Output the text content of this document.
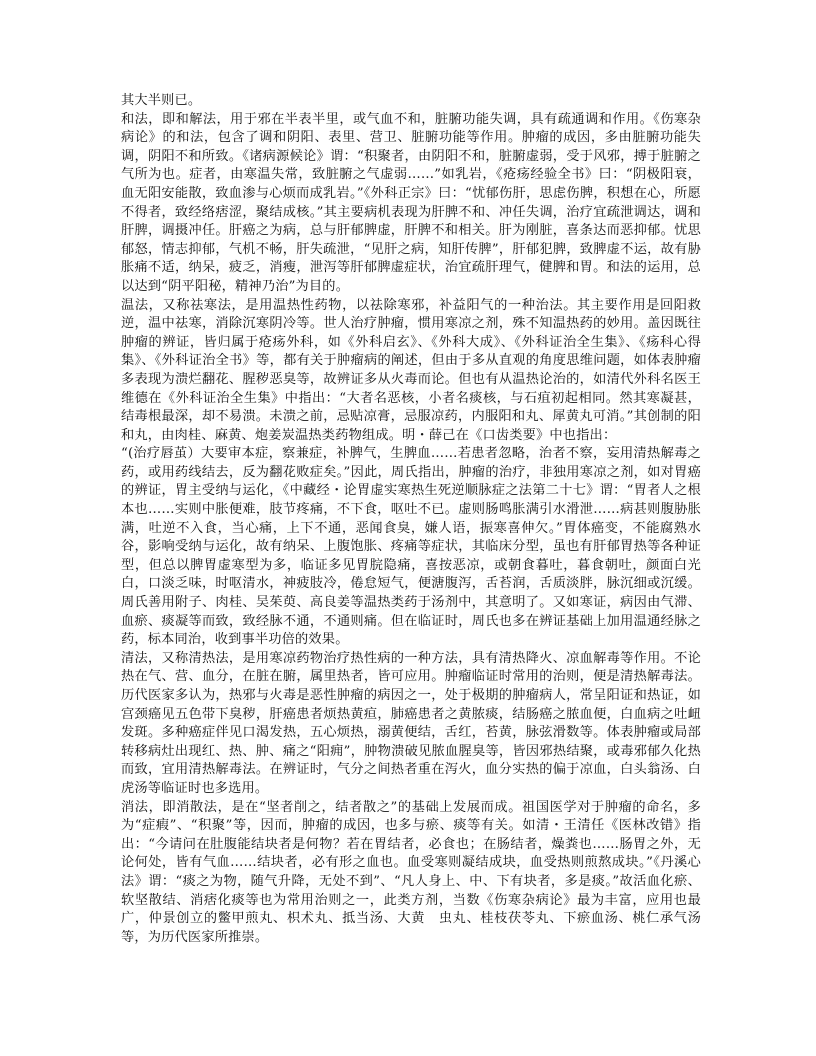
其大半则已。

和法，即和解法，用于邪在半表半里，或气血不和，脏腑功能失调，具有疏通调和作用。《伤寒杂病论》的和法，包含了调和阴阳、表里、营卫、脏腑功能等作用。肿瘤的成因，多由脏腑功能失调，阴阳不和所致。《诸病源候论》谓：“积聚者，由阴阳不和，脏腑虚弱，受于风邪，搏于脏腑之气所为也。症者，由寒温失常，致脏腑之气虚弱……”如乳岩，《疮疡经验全书》曰：“阴极阳衰，血无阳安能散，致血渗与心烦而成乳岩。”《外科正宗》曰：“忧郁伤肝，思虑伤脾，积想在心，所愿不得者，致经络痞涩，聚结成核。”其主要病机表现为肝脾不和、冲任失调，治疗宜疏泄调达，调和肝脾，调摄冲任。肝癌之为病，总与肝郁脾虚，肝脾不和相关。肝为刚脏，喜条达而恶抑郁。忧思郁怒，情志抑郁，气机不畅，肝失疏泄，“见肝之病，知肝传脾”，肝郁犯脾，致脾虚不运，故有胁胀痛不适，纳呆，疲乏，消瘦，泄泻等肝郁脾虚症状，治宜疏肝理气，健脾和胃。和法的运用，总以达到“阴平阳秘，精神乃治”为目的。

温法，又称祛寒法，是用温热性药物，以祛除寒邪，补益阳气的一种治法。其主要作用是回阳救逆，温中祛寒，消除沉寒阴冷等。世人治疗肿瘤，惯用寒凉之剂，殊不知温热药的妙用。盖因既往肿瘤的辨证，皆归属于疮疡外科，如《外科启玄》、《外科大成》、《外科证治全生集》、《疡科心得集》、《外科证治全书》等，都有关于肿瘤病的阐述，但由于多从直观的角度思维问题，如体表肿瘤多表现为溃烂翻花、腥秽恶臭等，故辨证多从火毒而论。但也有从温热论治的，如清代外科名医王维德在《外科证治全生集》中指出：“大者名恶核，小者名痰核，与石疽初起相同。然其寒凝甚，结毒根最深，却不易溃。未溃之前，忌贴凉膏，忌服凉药，内服阳和丸、犀黄丸可消。”其创制的阳和丸，由肉桂、麻黄、炮姜炭温热类药物组成。明・薛己在《口齿类要》中也指出：

“(治疗唇茧）大要审本症，察兼症，补脾气，生脾血……若患者忽略，治者不察，妄用清热解毒之药，或用药线结去，反为翻花败症矣。”因此，周氏指出，肿瘤的治疗，非独用寒凉之剂，如对胃癌的辨证，胃主受纳与运化，《中藏经・论胃虚实寒热生死逆顺脉症之法第二十七》谓：“胃者人之根本也……实则中胀便难，肢节疼痛，不下食，呕吐不已。虚则肠鸣胀满引水滑泄……病甚则腹胁胀满，吐逆不入食，当心痛，上下不通，恶闻食臭，嫌人语，振寒喜伸欠。”胃体癌变，不能腐熟水谷，影响受纳与运化，故有纳呆、上腹饱胀、疼痛等症状，其临床分型，虽也有肝郁胃热等各种证型，但总以脾胃虚寒型为多，临证多见胃脘隐痛，喜按恶凉，或朝食暮吐，暮食朝吐，颜面白光白，口淡乏味，时呕清水，神疲肢冷，倦怠短气，便溏腹泻，舌苔润，舌质淡胖，脉沉细或沉缓。周氏善用附子、肉桂、吴茱萸、高良姜等温热类药于汤剂中，其意明了。又如寒证，病因由气滞、血瘀、痰凝等而致，致经脉不通，不通则痛。但在临证时，周氏也多在辨证基础上加用温通经脉之药，标本同治，收到事半功倍的效果。

清法，又称清热法，是用寒凉药物治疗热性病的一种方法，具有清热降火、凉血解毒等作用。不论热在气、营、血分，在脏在腑，属里热者，皆可应用。肿瘤临证时常用的治则，便是清热解毒法。历代医家多认为，热邪与火毒是恶性肿瘤的病因之一，处于极期的肿瘤病人，常呈阳证和热证，如宫颈癌见五色带下臭秽，肝癌患者烦热黄疸，肺癌患者之黄脓痰，结肠癌之脓血便，白血病之吐衄发斑。多种癌症伴见口渴发热，五心烦热，溺黄便结，舌红，苔黄，脉弦滑数等。体表肿瘤或局部转移病灶出现红、热、肿、痛之“阳痈”，肿物溃破见脓血腥臭等，皆因邪热结聚，或毒邪郁久化热而致，宜用清热解毒法。在辨证时，气分之间热者重在泻火，血分实热的偏于凉血，白头翁汤、白虎汤等临证时也多选用。

消法，即消散法，是在“坚者削之，结者散之”的基础上发展而成。祖国医学对于肿瘤的命名，多为“症瘕”、“积聚”等，因而，肿瘤的成因，也多与瘀、痰等有关。如清・王清任《医林改错》指出：“今请问在肚腹能结块者是何物？若在胃结者，必食也；在肠结者，燥粪也……肠胃之外，无论何处，皆有气血……结块者，必有形之血也。血受寒则凝结成块，血受热则煎熬成块。”《丹溪心法》谓：“痰之为物，随气升降，无处不到”、“凡人身上、中、下有块者，多是痰。”故活血化瘀、软坚散结、消痞化痰等也为常用治则之一，此类方剂，当数《伤寒杂病论》最为丰富，应用也最广，仲景创立的鳖甲煎丸、枳术丸、抵当汤、大黄　虫丸、桂枝茯苓丸、下瘀血汤、桃仁承气汤等，为历代医家所推崇。
